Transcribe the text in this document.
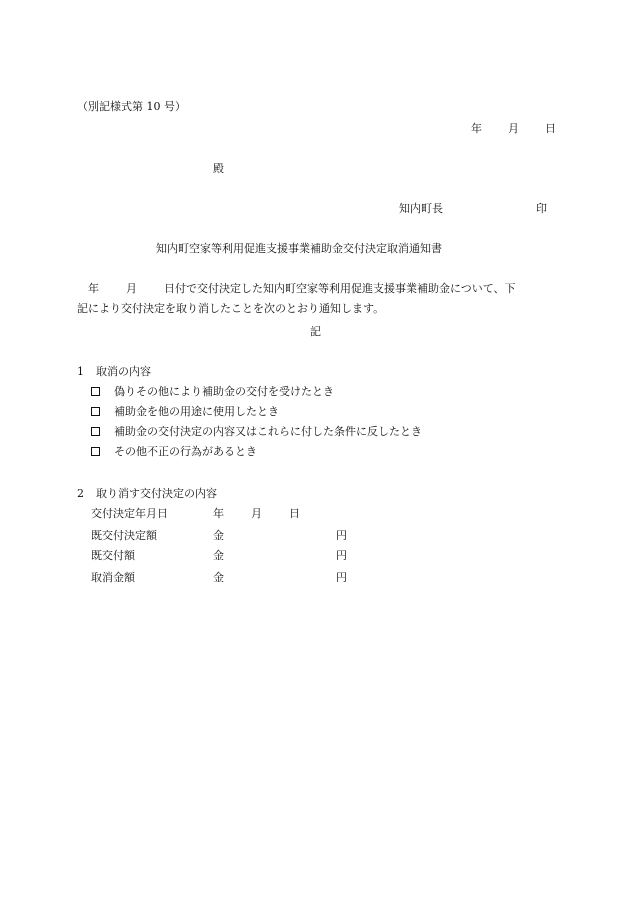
（別記様式第 10 号）
年 月 日
殿
知内町長	印
知内町空家等利用促進支援事業補助金交付決定取消通知書
年 月 日付で交付決定した知内町空家等利用促進支援事業補助金について、下
記により交付決定を取り消したことを次のとおり通知します。
記
1 取消の内容
偽りその他により補助金の交付を受けたとき
補助金を他の用途に使用したとき
補助金の交付決定の内容又はこれらに付した条件に反したとき
その他不正の行為があるとき
2 取り消す交付決定の内容
交付決定年月日	年 月 日
既交付決定額	金	円
既交付額	金	円
取消金額	金	円
